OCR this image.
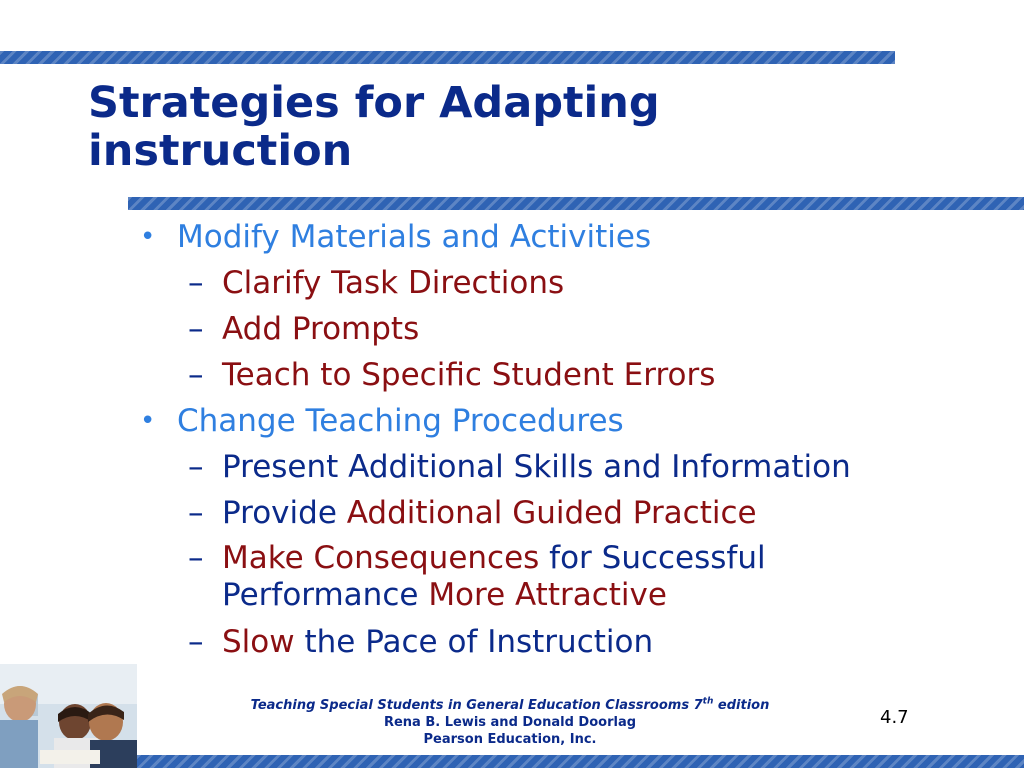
Strategies for Adapting
instruction
• Modify Materials and Activities
– Clarify Task Directions
– Add Prompts
– Teach to Specific Student Errors
• Change Teaching Procedures
– Present Additional Skills and Information
– Provide Additional Guided Practice
– Make Consequences for Successful
Performance More Attractive
– Slow the Pace of Instruction
Teaching Special Students in General Education Classrooms 7th edition
Rena B. Lewis and Donald Doorlag
Pearson Education, Inc.
4.7
